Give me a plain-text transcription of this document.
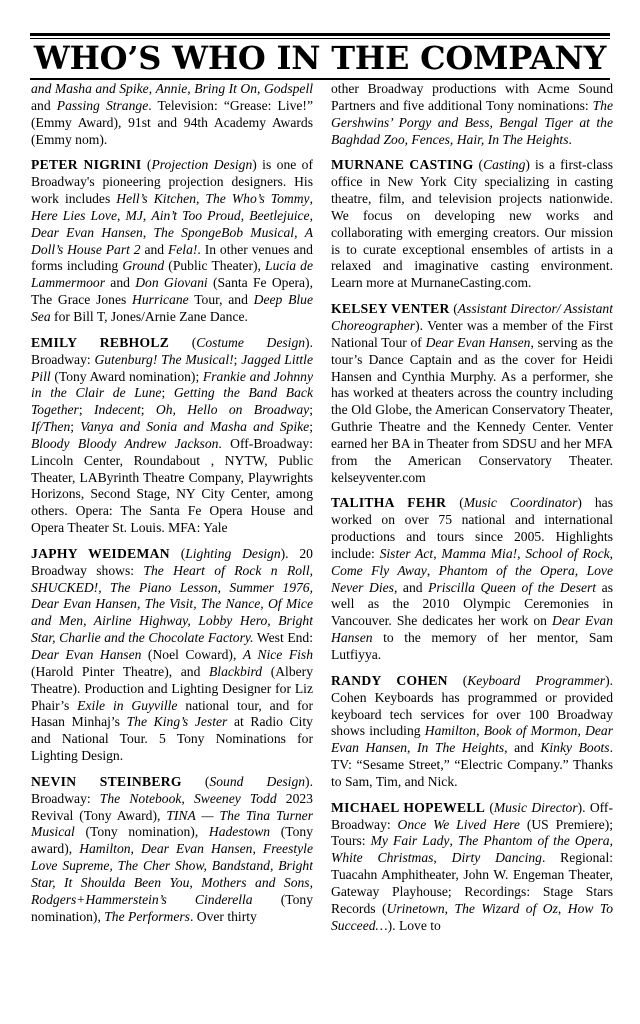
WHO’S WHO IN THE COMPANY

and Masha and Spike, Annie, Bring It On, Godspell and Passing Strange. Television: “Grease: Live!” (Emmy Award), 91st and 94th Academy Awards (Emmy nom).

PETER NIGRINI (Projection Design) is one of Broadway's pioneering projection designers. His work includes Hell’s Kitchen, The Who’s Tommy, Here Lies Love, MJ, Ain’t Too Proud, Beetlejuice, Dear Evan Hansen, The SpongeBob Musical, A Doll’s House Part 2 and Fela!. In other venues and forms including Ground (Public Theater), Lucia de Lammermoor and Don Giovani (Santa Fe Opera), The Grace Jones Hurricane Tour, and Deep Blue Sea for Bill T, Jones/Arnie Zane Dance.

EMILY REBHOLZ (Costume Design). Broadway: Gutenburg! The Musical!; Jagged Little Pill (Tony Award nomination); Frankie and Johnny in the Clair de Lune; Getting the Band Back Together; Indecent; Oh, Hello on Broadway; If/Then; Vanya and Sonia and Masha and Spike; Bloody Bloody Andrew Jackson. Off-Broadway: Lincoln Center, Roundabout , NYTW, Public Theater, LAByrinth Theatre Company, Playwrights Horizons, Second Stage, NY City Center, among others. Opera: The Santa Fe Opera House and Opera Theater St. Louis. MFA: Yale

JAPHY WEIDEMAN (Lighting Design). 20 Broadway shows: The Heart of Rock n Roll, SHUCKED!, The Piano Lesson, Summer 1976, Dear Evan Hansen, The Visit, The Nance, Of Mice and Men, Airline Highway, Lobby Hero, Bright Star, Charlie and the Chocolate Factory. West End: Dear Evan Hansen (Noel Coward), A Nice Fish (Harold Pinter Theatre), and Blackbird (Albery Theatre). Production and Lighting Designer for Liz Phair’s Exile in Guyville national tour, and for Hasan Minhaj’s The King’s Jester at Radio City and National Tour. 5 Tony Nominations for Lighting Design.

NEVIN STEINBERG (Sound Design). Broadway: The Notebook, Sweeney Todd 2023 Revival (Tony Award), TINA — The Tina Turner Musical (Tony nomination), Hadestown (Tony award), Hamilton, Dear Evan Hansen, Freestyle Love Supreme, The Cher Show, Bandstand, Bright Star, It Shoulda Been You, Mothers and Sons, Rodgers+Hammerstein’s Cinderella (Tony nomination), The Performers. Over thirty

other Broadway productions with Acme Sound Partners and five additional Tony nominations: The Gershwins’ Porgy and Bess, Bengal Tiger at the Baghdad Zoo, Fences, Hair, In The Heights.

MURNANE CASTING (Casting) is a first-class office in New York City specializing in casting theatre, film, and television projects nationwide. We focus on developing new works and collaborating with emerging creators. Our mission is to curate exceptional ensembles of artists in a relaxed and imaginative casting environment. Learn more at MurnaneCasting.com.

KELSEY VENTER (Assistant Director/ Assistant Choreographer). Venter was a member of the First National Tour of Dear Evan Hansen, serving as the tour’s Dance Captain and as the cover for Heidi Hansen and Cynthia Murphy. As a performer, she has worked at theaters across the country including the Old Globe, the American Conservatory Theater, Guthrie Theatre and the Kennedy Center. Venter earned her BA in Theater from SDSU and her MFA from the American Conservatory Theater. kelseyventer.com

TALITHA FEHR (Music Coordinator) has worked on over 75 national and international productions and tours since 2005. Highlights include: Sister Act, Mamma Mia!, School of Rock, Come Fly Away, Phantom of the Opera, Love Never Dies, and Priscilla Queen of the Desert as well as the 2010 Olympic Ceremonies in Vancouver. She dedicates her work on Dear Evan Hansen to the memory of her mentor, Sam Lutfiyya.

RANDY COHEN (Keyboard Programmer). Cohen Keyboards has programmed or provided keyboard tech services for over 100 Broadway shows including Hamilton, Book of Mormon, Dear Evan Hansen, In The Heights, and Kinky Boots. TV: “Sesame Street,” “Electric Company.” Thanks to Sam, Tim, and Nick.

MICHAEL HOPEWELL (Music Director). Off-Broadway: Once We Lived Here (US Premiere); Tours: My Fair Lady, The Phantom of the Opera, White Christmas, Dirty Dancing. Regional: Tuacahn Amphitheater, John W. Engeman Theater, Gateway Playhouse; Recordings: Stage Stars Records (Urinetown, The Wizard of Oz, How To Succeed…). Love to
